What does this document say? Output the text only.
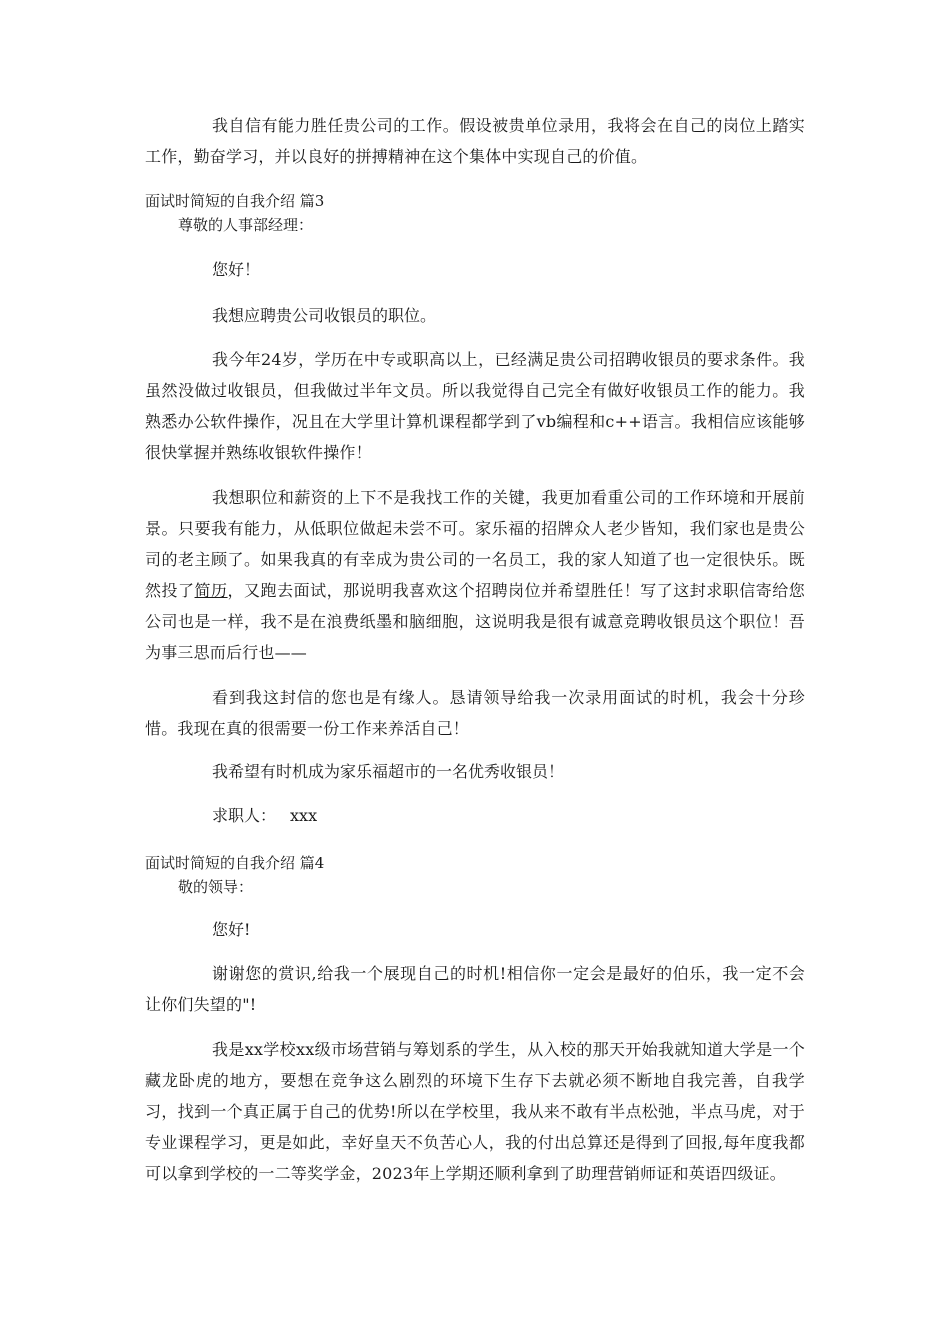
我自信有能力胜任贵公司的工作。假设被贵单位录用，我将会在自己的岗位上踏实工作，勤奋学习，并以良好的拼搏精神在这个集体中实现自己的价值。

面试时简短的自我介绍 篇3

尊敬的人事部经理：

您好！

我想应聘贵公司收银员的职位。

我今年24岁，学历在中专或职高以上，已经满足贵公司招聘收银员的要求条件。我虽然没做过收银员，但我做过半年文员。所以我觉得自己完全有做好收银员工作的能力。我熟悉办公软件操作，况且在大学里计算机课程都学到了vb编程和c++语言。我相信应该能够很快掌握并熟练收银软件操作！

我想职位和薪资的上下不是我找工作的关键，我更加看重公司的工作环境和开展前景。只要我有能力，从低职位做起未尝不可。家乐福的招牌众人老少皆知，我们家也是贵公司的老主顾了。如果我真的有幸成为贵公司的一名员工，我的家人知道了也一定很快乐。既然投了简历，又跑去面试，那说明我喜欢这个招聘岗位并希望胜任！写了这封求职信寄给您公司也是一样，我不是在浪费纸墨和脑细胞，这说明我是很有诚意竞聘收银员这个职位！吾为事三思而后行也——

看到我这封信的您也是有缘人。恳请领导给我一次录用面试的时机，我会十分珍惜。我现在真的很需要一份工作来养活自己！

我希望有时机成为家乐福超市的一名优秀收银员！

求职人： xxx

面试时简短的自我介绍 篇4

敬的领导：

您好!

谢谢您的赏识,给我一个展现自己的时机!相信你一定会是最好的伯乐，我一定不会让你们失望的"!

我是xx学校xx级市场营销与筹划系的学生，从入校的那天开始我就知道大学是一个藏龙卧虎的地方，要想在竞争这么剧烈的环境下生存下去就必须不断地自我完善，自我学习，找到一个真正属于自己的优势!所以在学校里，我从来不敢有半点松弛，半点马虎，对于专业课程学习，更是如此，幸好皇天不负苦心人，我的付出总算还是得到了回报,每年度我都可以拿到学校的一二等奖学金，2023年上学期还顺利拿到了助理营销师证和英语四级证。
